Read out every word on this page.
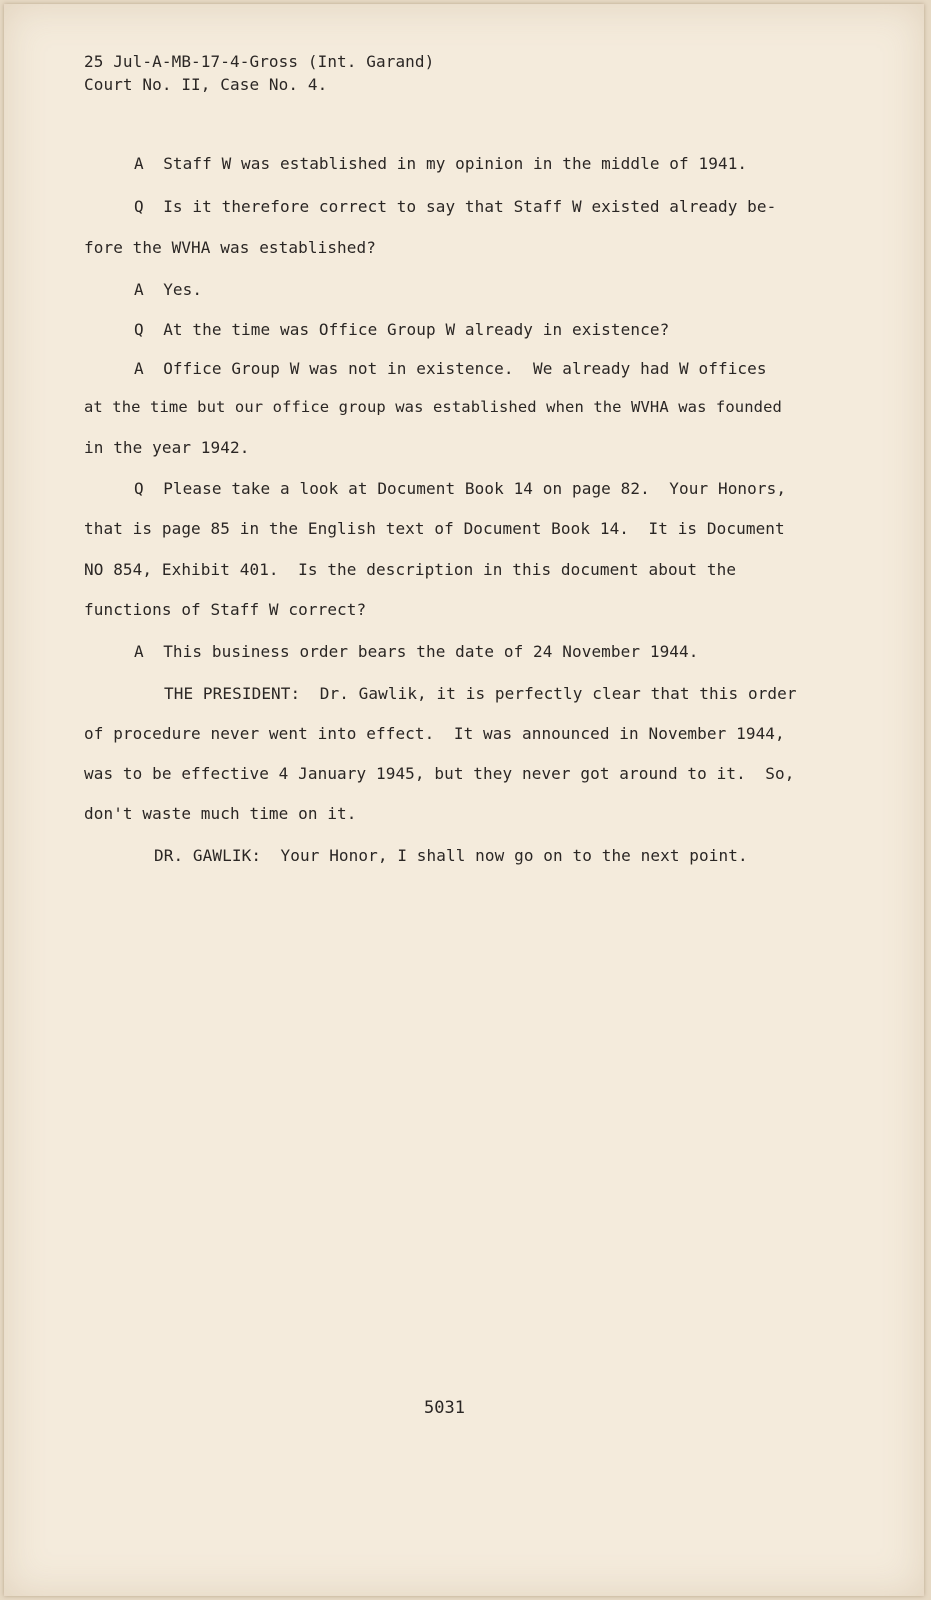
25 Jul-A-MB-17-4-Gross (Int. Garand)
Court No. II, Case No. 4.
A  Staff W was established in my opinion in the middle of 1941.
Q  Is it therefore correct to say that Staff W existed already be-
fore the WVHA was established?
A  Yes.
Q  At the time was Office Group W already in existence?
A  Office Group W was not in existence.  We already had W offices
at the time but our office group was established when the WVHA was founded
in the year 1942.
Q  Please take a look at Document Book 14 on page 82.  Your Honors,
that is page 85 in the English text of Document Book 14.  It is Document
NO 854, Exhibit 401.  Is the description in this document about the
functions of Staff W correct?
A  This business order bears the date of 24 November 1944.
THE PRESIDENT:  Dr. Gawlik, it is perfectly clear that this order
of procedure never went into effect.  It was announced in November 1944,
was to be effective 4 January 1945, but they never got around to it.  So,
don't waste much time on it.
DR. GAWLIK:  Your Honor, I shall now go on to the next point.
5031
